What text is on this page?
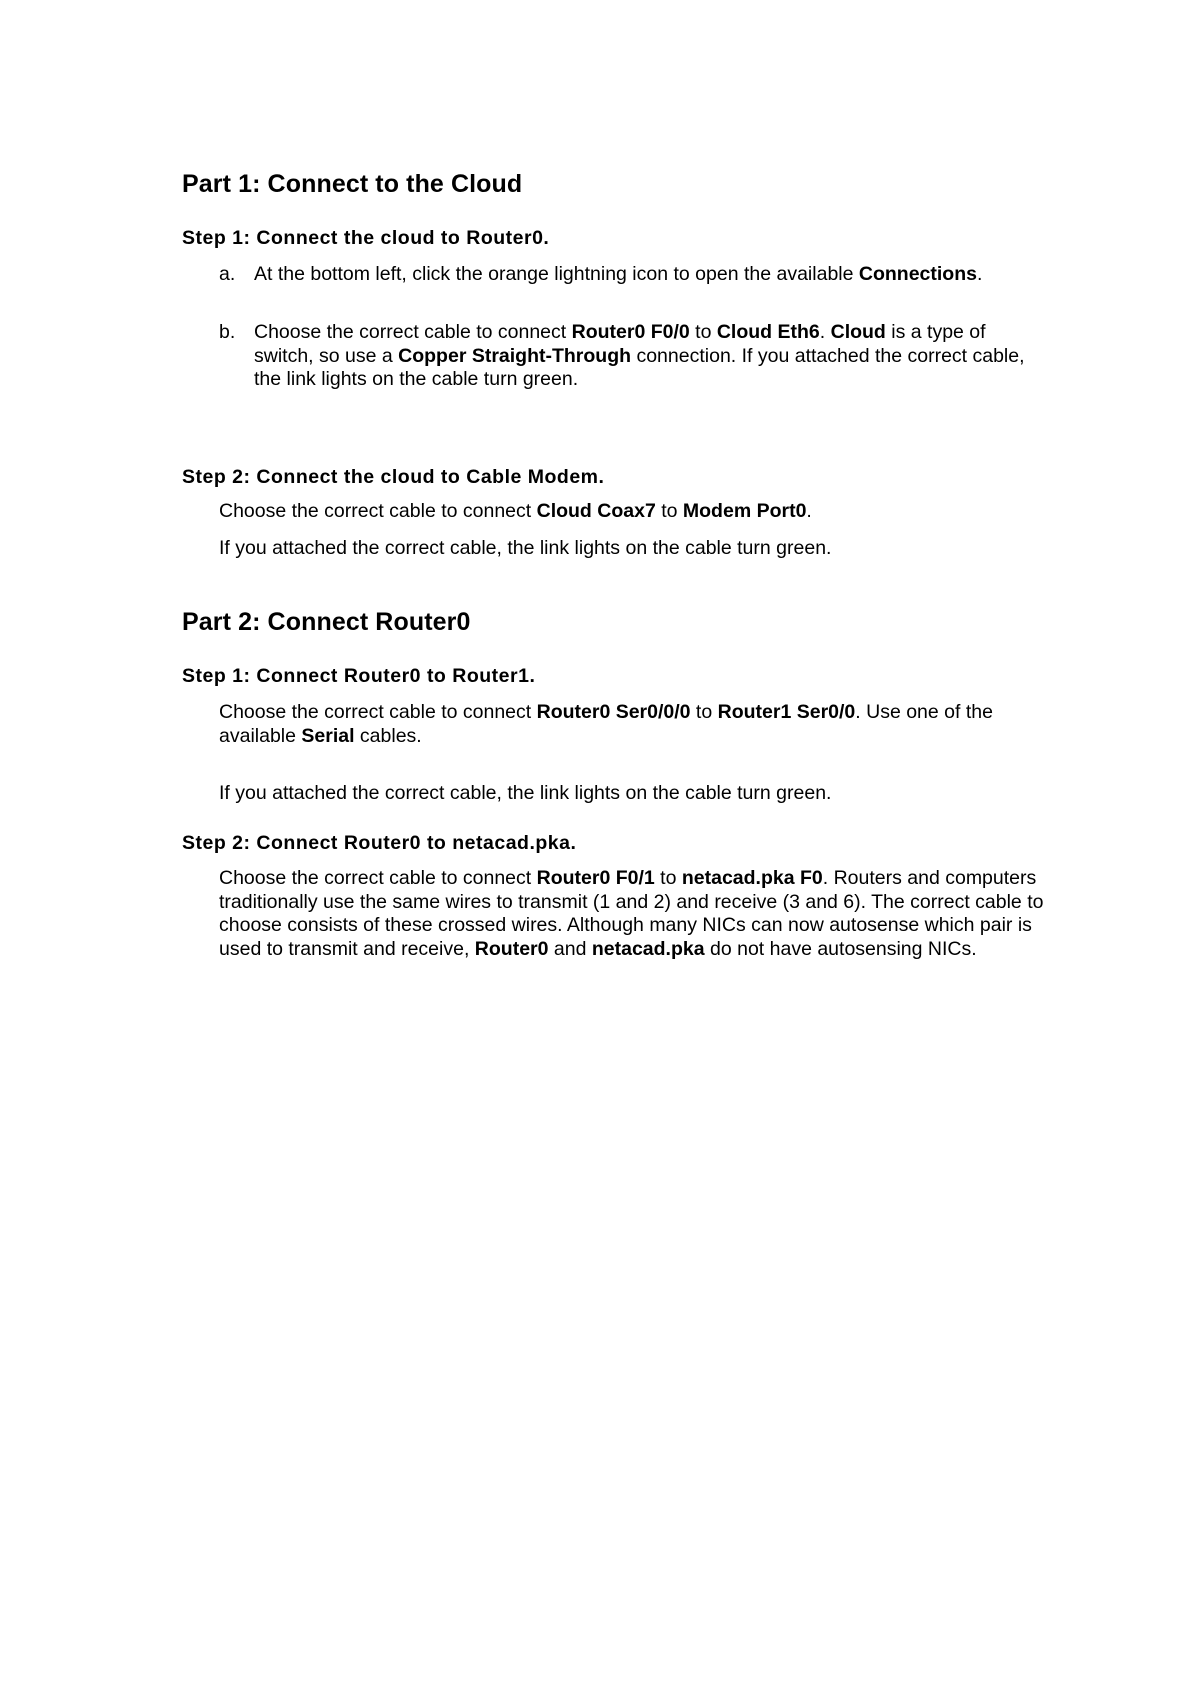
Part 1: Connect to the Cloud
Step 1: Connect the cloud to Router0.
a. At the bottom left, click the orange lightning icon to open the available Connections.
b. Choose the correct cable to connect Router0 F0/0 to Cloud Eth6. Cloud is a type of switch, so use a Copper Straight-Through connection. If you attached the correct cable, the link lights on the cable turn green.
Step 2: Connect the cloud to Cable Modem.

Choose the correct cable to connect Cloud Coax7 to Modem Port0.

If you attached the correct cable, the link lights on the cable turn green.

Part 2: Connect Router0
Step 1: Connect Router0 to Router1.

Choose the correct cable to connect Router0 Ser0/0/0 to Router1 Ser0/0. Use one of the available Serial cables.

If you attached the correct cable, the link lights on the cable turn green.

Step 2: Connect Router0 to netacad.pka.

Choose the correct cable to connect Router0 F0/1 to netacad.pka F0. Routers and computers traditionally use the same wires to transmit (1 and 2) and receive (3 and 6). The correct cable to choose consists of these crossed wires. Although many NICs can now autosense which pair is used to transmit and receive, Router0 and netacad.pka do not have autosensing NICs.
